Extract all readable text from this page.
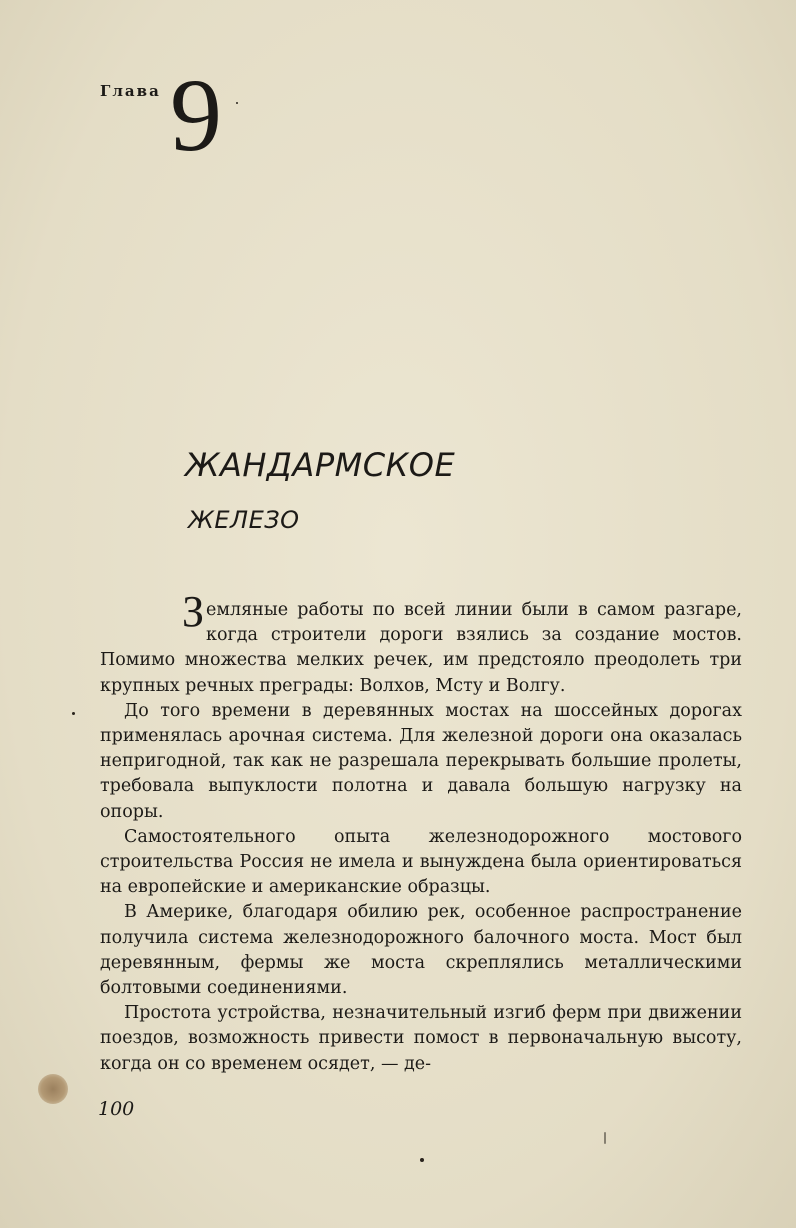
Глава 9
ЖАНДАРМСКОЕ
ЖЕЛЕЗО

Земляные работы по всей линии были в самом разгаре, когда строители дороги взялись за создание мостов. Помимо множества мелких речек, им предстояло преодолеть три крупных речных преграды: Волхов, Мсту и Волгу.

До того времени в деревянных мостах на шоссейных дорогах применялась арочная система. Для железной дороги она оказалась непригодной, так как не разрешала перекрывать большие пролеты, требовала выпуклости полотна и давала большую нагрузку на опоры.

Самостоятельного опыта железнодорожного мостового строительства Россия не имела и вынуждена была ориентироваться на европейские и американские образцы.

В Америке, благодаря обилию рек, особенное распространение получила система железнодорожного балочного моста. Мост был деревянным, фермы же моста скреплялись металлическими болтовыми соединениями.

Простота устройства, незначительный изгиб ферм при движении поездов, возможность привести помост в первоначальную высоту, когда он со временем осядет, — де-

100
